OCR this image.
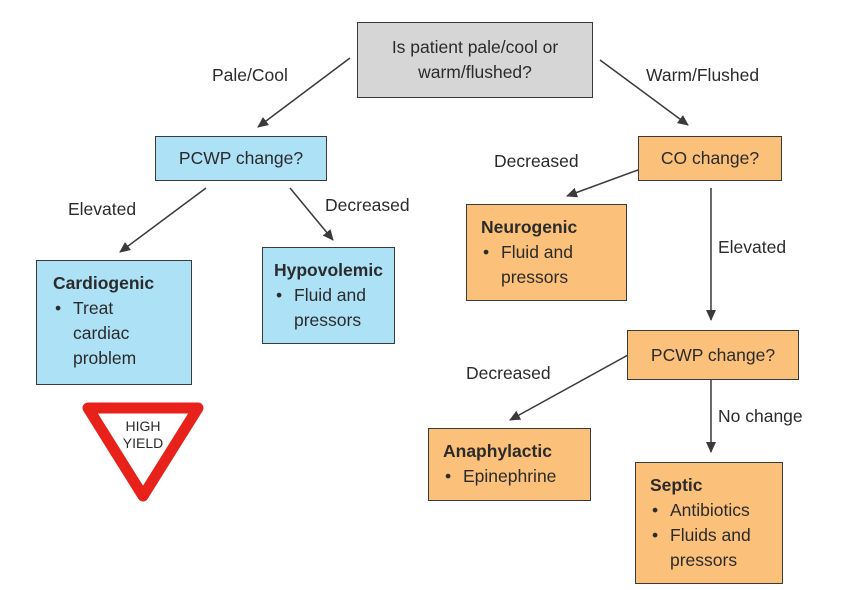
Pale/Cool	Warm/Flushed
Elevated	Decreased
Decreased
Elevated
Decreased
No change
Is patient pale/cool or warm/flushed?
PCWP change?	CO change?
Cardiogenic
• Treat cardiac problem
Hypovolemic
• Fluid and pressors
Neurogenic
• Fluid and pressors
PCWP change?
Anaphylactic
• Epinephrine	Septic
• Antibiotics
• Fluids and pressors
HIGH
YIELD
